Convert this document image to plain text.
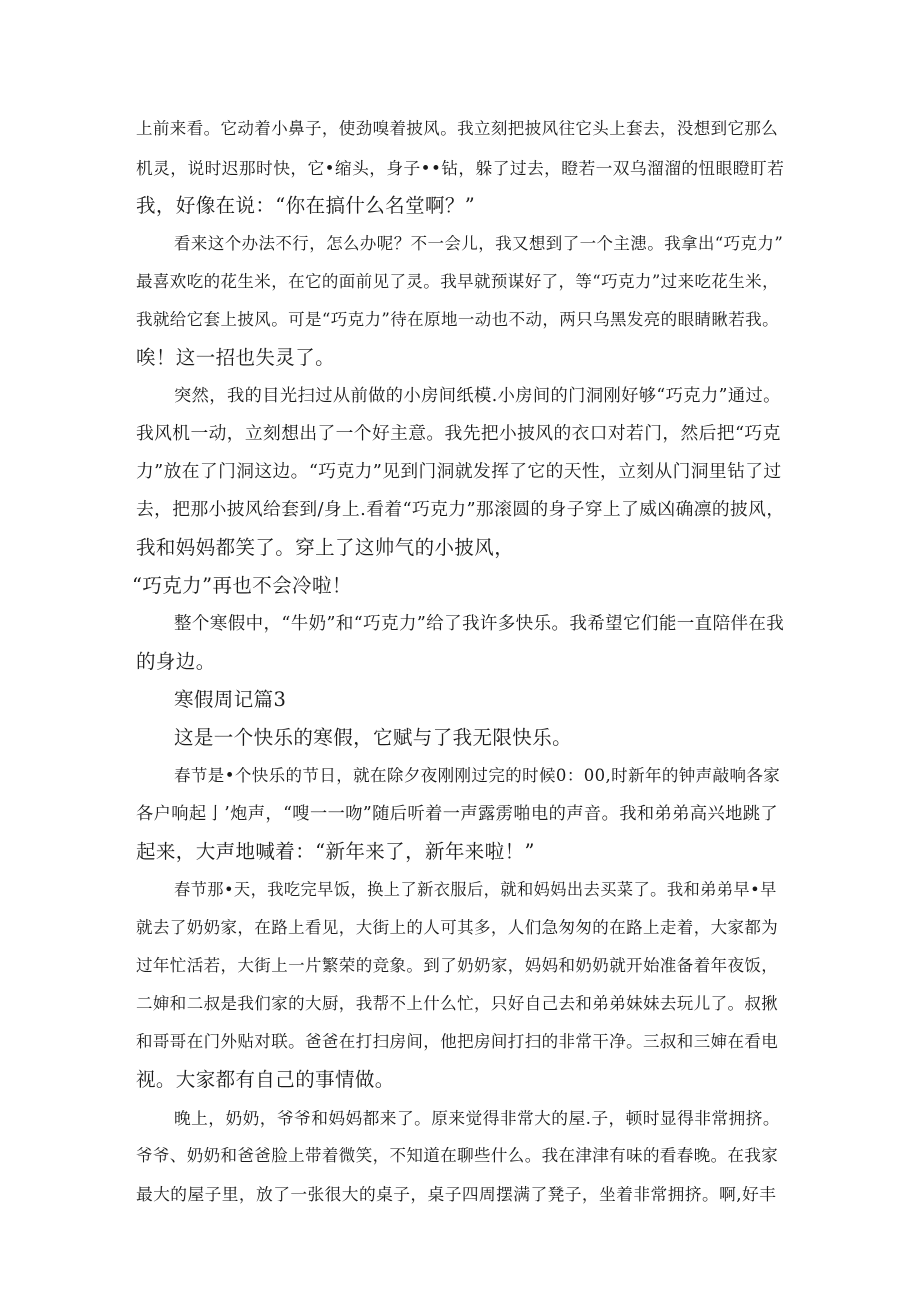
上前来看。它动着小鼻子，使劲嗅着披风。我立刻把披风往它头上套去，没想到它那么
机灵，说时迟那时快，它•缩头，身子••钻，躲了过去，瞪若一双乌溜溜的忸眼瞪盯若
我，好像在说：“你在搞什么名堂啊？”
看来这个办法不行，怎么办呢？不一会儿，我又想到了一个主漶。我拿出“巧克力”
最喜欢吃的花生米，在它的面前见了灵。我早就预谋好了，等“巧克力”过来吃花生米，
我就给它套上披风。可是“巧克力”待在原地一动也不动，两只乌黑发亮的眼睛瞅若我。
唉！这一招也失灵了。
突然，我的目光扫过从前做的小房间纸模.小房间的门洞刚好够“巧克力”通过。
我风机一动，立刻想出了一个好主意。我先把小披风的衣口对若门，然后把“巧克
力”放在了门洞这边。“巧克力”见到门洞就发挥了它的天性，立刻从门洞里钻了过
去，把那小披风给套到/身上.看着“巧克力”那滚圆的身子穿上了威凶确凛的披风，
我和妈妈都笑了。穿上了这帅气的小披风，
“巧克力”再也不会冷啦！
整个寒假中，“牛奶”和“巧克力”给了我许多快乐。我希望它们能一直陪伴在我
的身边。
寒假周记篇3
这是一个快乐的寒假，它赋与了我无限快乐。
春节是•个快乐的节日，就在除夕夜刚刚过完的时候0：00,时新年的钟声敲响各家
各户响起亅’炮声，“嗖一一吻”随后听着一声露雳啪电的声音。我和弟弟高兴地跳了
起来，大声地喊着：“新年来了，新年来啦！”
春节那•天，我吃完早饭，换上了新衣服后，就和妈妈出去买菜了。我和弟弟早•早
就去了奶奶家，在路上看见，大街上的人可其多，人们急匆匆的在路上走着，大家都为
过年忙活若，大街上一片繁荣的竞象。到了奶奶家，妈妈和奶奶就开始准备着年夜饭，
二婶和二叔是我们家的大厨，我帮不上什么忙，只好自己去和弟弟妹妹去玩儿了。叔揪
和哥哥在门外贴对联。爸爸在打扫房间，他把房间打扫的非常干净。三叔和三婶在看电
视。大家都有自己的事情做。
晚上，奶奶，爷爷和妈妈都来了。原来觉得非常大的屋.子，顿时显得非常拥挤。
爷爷、奶奶和爸爸脸上带着微笑，不知道在聊些什么。我在津津有味的看春晚。在我家
最大的屋子里，放了一张很大的桌子，桌子四周摆满了凳子，坐着非常拥挤。啊,好丰
